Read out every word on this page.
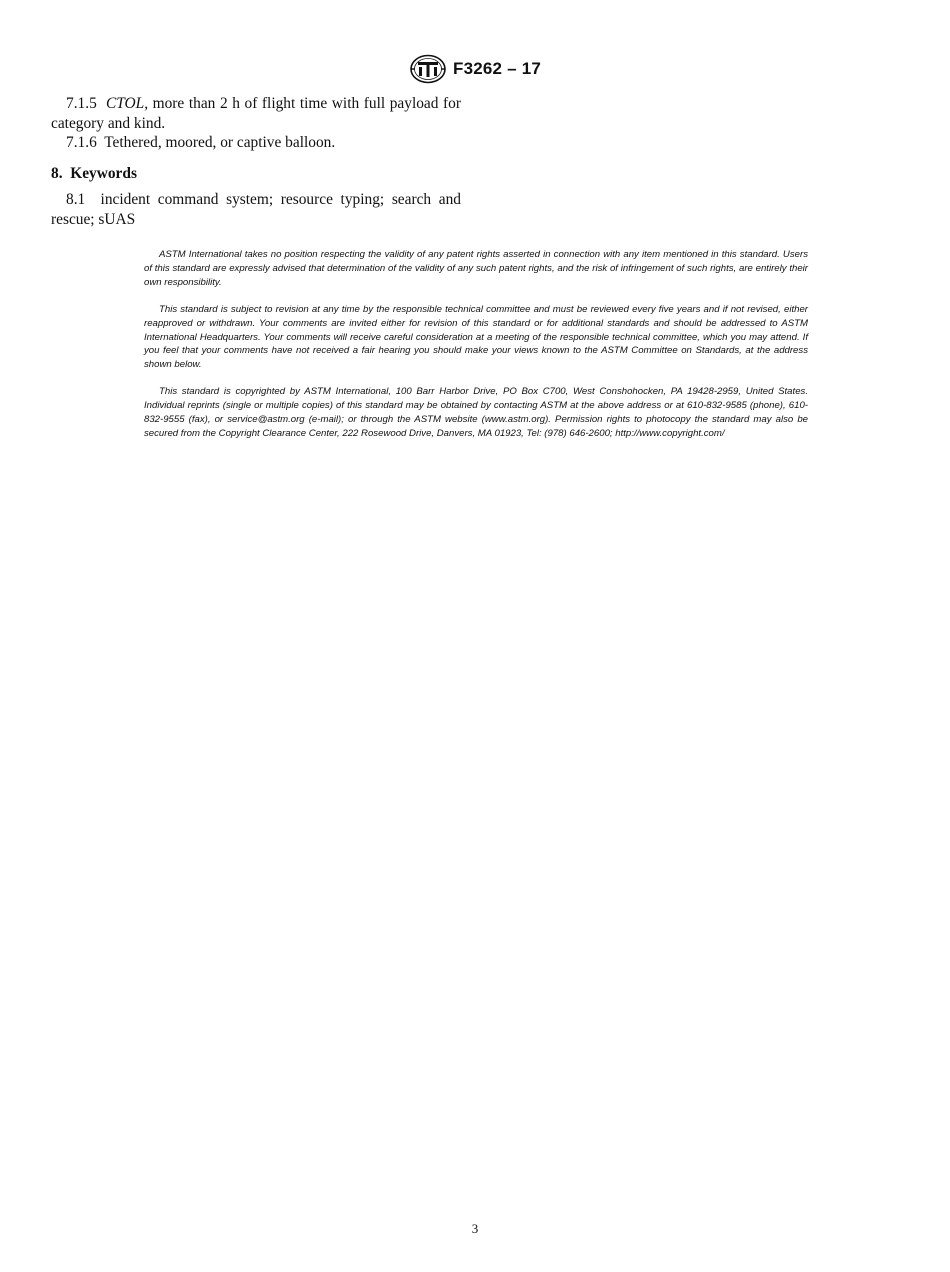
F3262 – 17

7.1.5 CTOL, more than 2 h of flight time with full payload for category and kind.

7.1.6 Tethered, moored, or captive balloon.

8. Keywords

8.1 incident command system; resource typing; search and rescue; sUAS

ASTM International takes no position respecting the validity of any patent rights asserted in connection with any item mentioned in this standard. Users of this standard are expressly advised that determination of the validity of any such patent rights, and the risk of infringement of such rights, are entirely their own responsibility.

This standard is subject to revision at any time by the responsible technical committee and must be reviewed every five years and if not revised, either reapproved or withdrawn. Your comments are invited either for revision of this standard or for additional standards and should be addressed to ASTM International Headquarters. Your comments will receive careful consideration at a meeting of the responsible technical committee, which you may attend. If you feel that your comments have not received a fair hearing you should make your views known to the ASTM Committee on Standards, at the address shown below.

This standard is copyrighted by ASTM International, 100 Barr Harbor Drive, PO Box C700, West Conshohocken, PA 19428-2959, United States. Individual reprints (single or multiple copies) of this standard may be obtained by contacting ASTM at the above address or at 610-832-9585 (phone), 610-832-9555 (fax), or service@astm.org (e-mail); or through the ASTM website (www.astm.org). Permission rights to photocopy the standard may also be secured from the Copyright Clearance Center, 222 Rosewood Drive, Danvers, MA 01923, Tel: (978) 646-2600; http://www.copyright.com/

3
